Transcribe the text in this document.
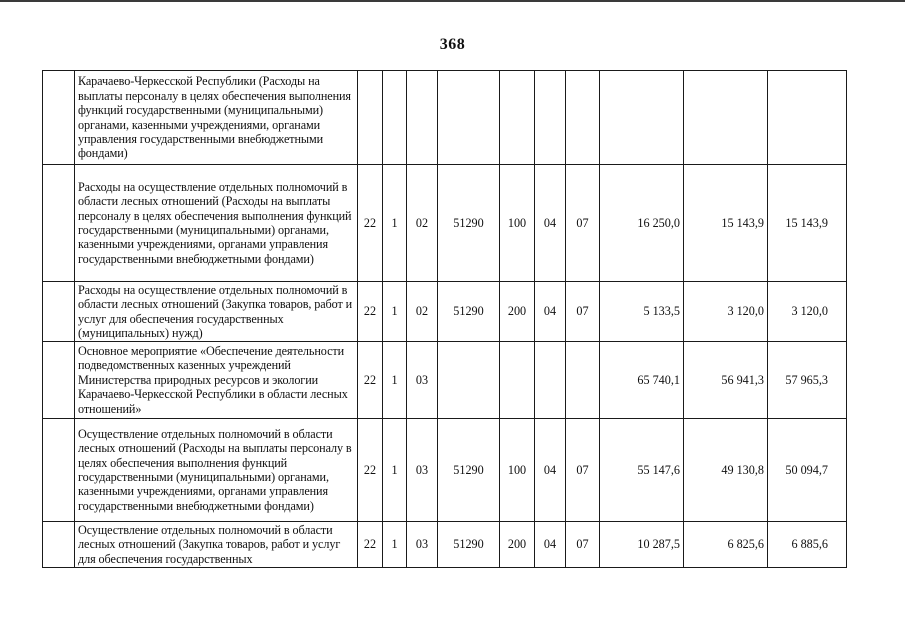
368
	Карачаево-Черкесской Республики (Расходы на выплаты персоналу в целях обеспечения выполнения функций государственными (муниципальными) органами, казенными учреждениями, органами управления государственными внебюджетными фондами)										
	Расходы на осуществление отдельных полномочий в области лесных отношений (Расходы на выплаты персоналу в целях обеспечения выполнения функций государственными (муниципальными) органами, казенными учреждениями, органами управления государственными внебюджетными фондами)	22	1	02	51290	100	04	07	16 250,0	15 143,9	15 143,9
	Расходы на осуществление отдельных полномочий в области лесных отношений (Закупка товаров, работ и услуг для обеспечения государственных (муниципальных) нужд)	22	1	02	51290	200	04	07	5 133,5	3 120,0	3 120,0
	Основное мероприятие «Обеспечение деятельности подведомственных казенных учреждений Министерства природных ресурсов и экологии Карачаево-Черкесской Республики в области лесных отношений»	22	1	03					65 740,1	56 941,3	57 965,3
	Осуществление отдельных полномочий в области лесных отношений (Расходы на выплаты персоналу в целях обеспечения выполнения функций государственными (муниципальными) органами, казенными учреждениями, органами управления государственными внебюджетными фондами)	22	1	03	51290	100	04	07	55 147,6	49 130,8	50 094,7
	Осуществление отдельных полномочий в области лесных отношений (Закупка товаров, работ и услуг для обеспечения государственных	22	1	03	51290	200	04	07	10 287,5	6 825,6	6 885,6
